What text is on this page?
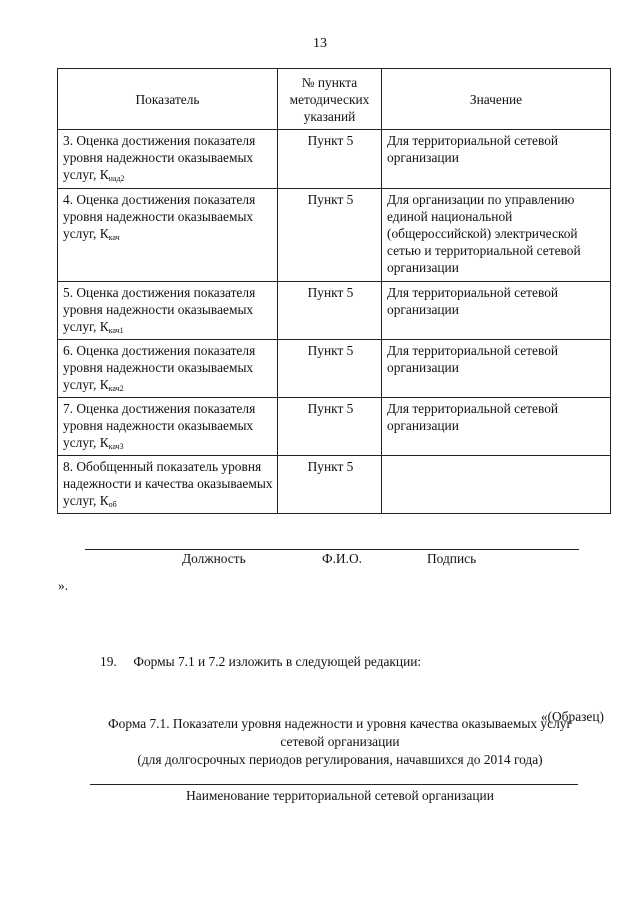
13
Показатель	№ пункта методических указаний	Значение
3. Оценка достижения показателя уровня надежности оказываемых услуг, $К_{над2}$	Пункт 5	Для территориальной сетевой организации
4. Оценка достижения показателя уровня надежности оказываемых услуг, $К_{кач}$	Пункт 5	Для организации по управлению единой национальной (общероссийской) электрической сетью и территориальной сетевой организации
5. Оценка достижения показателя уровня надежности оказываемых услуг, $К_{кач1}$	Пункт 5	Для территориальной сетевой организации
6. Оценка достижения показателя уровня надежности оказываемых услуг, $К_{кач2}$	Пункт 5	Для территориальной сетевой организации
7. Оценка достижения показателя уровня надежности оказываемых услуг, $К_{кач3}$	Пункт 5	Для территориальной сетевой организации
8. Обобщенный показатель уровня надежности и качества оказываемых услуг, $К_{об}$	Пункт 5	
Должность	Ф.И.О.	Подпись
».
19. Формы 7.1 и 7.2 изложить в следующей редакции:
«(Образец)
Форма 7.1. Показатели уровня надежности и уровня качества оказываемых услуг
сетевой организации
(для долгосрочных периодов регулирования, начавшихся до 2014 года)
Наименование территориальной сетевой организации
